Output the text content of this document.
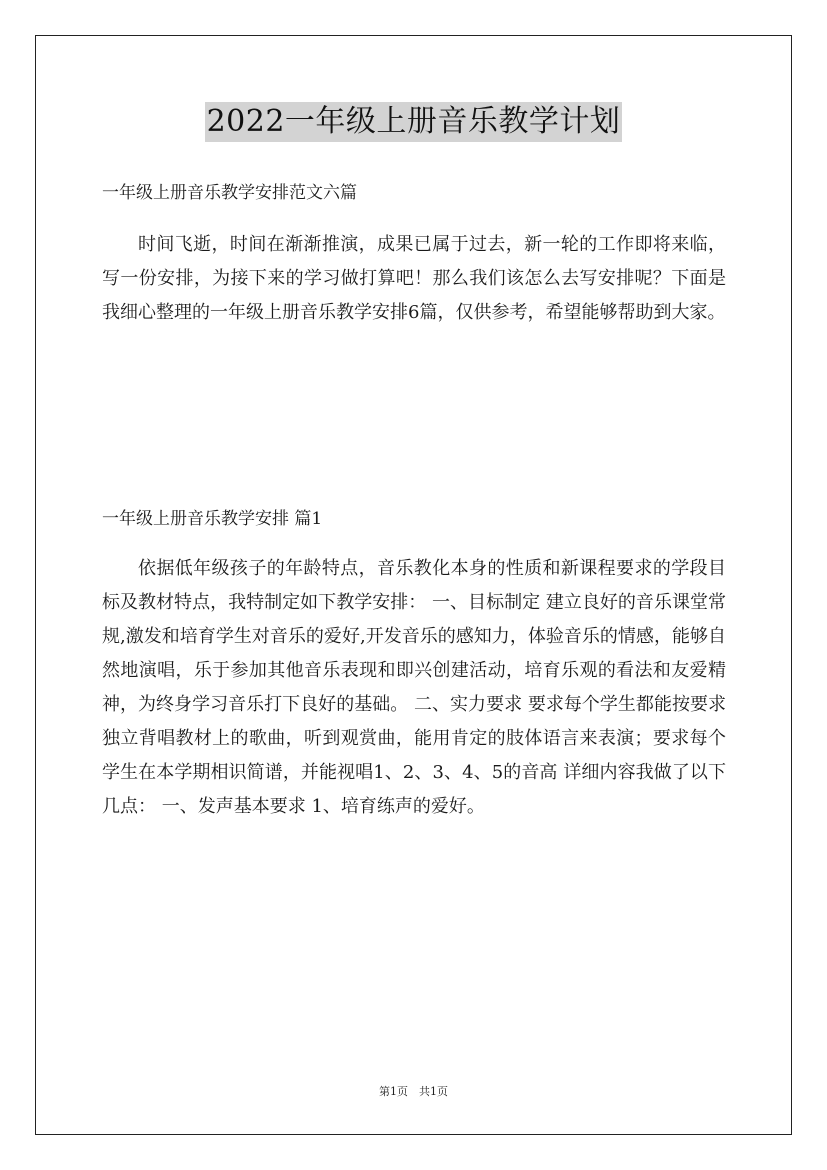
2022一年级上册音乐教学计划

一年级上册音乐教学安排范文六篇

时间飞逝，时间在渐渐推演，成果已属于过去，新一轮的工作即将来临，写一份安排，为接下来的学习做打算吧！那么我们该怎么去写安排呢？下面是我细心整理的一年级上册音乐教学安排6篇，仅供参考，希望能够帮助到大家。

一年级上册音乐教学安排 篇1

依据低年级孩子的年龄特点，音乐教化本身的性质和新课程要求的学段目标及教材特点，我特制定如下教学安排： 一、目标制定 建立良好的音乐课堂常规,激发和培育学生对音乐的爱好,开发音乐的感知力，体验音乐的情感，能够自然地演唱，乐于参加其他音乐表现和即兴创建活动，培育乐观的看法和友爱精神，为终身学习音乐打下良好的基础。 二、实力要求 要求每个学生都能按要求独立背唱教材上的歌曲，听到观赏曲，能用肯定的肢体语言来表演；要求每个学生在本学期相识简谱，并能视唱1、2、3、4、5的音高 详细内容我做了以下几点： 一、发声基本要求 1、培育练声的爱好。

第1页　共1页
